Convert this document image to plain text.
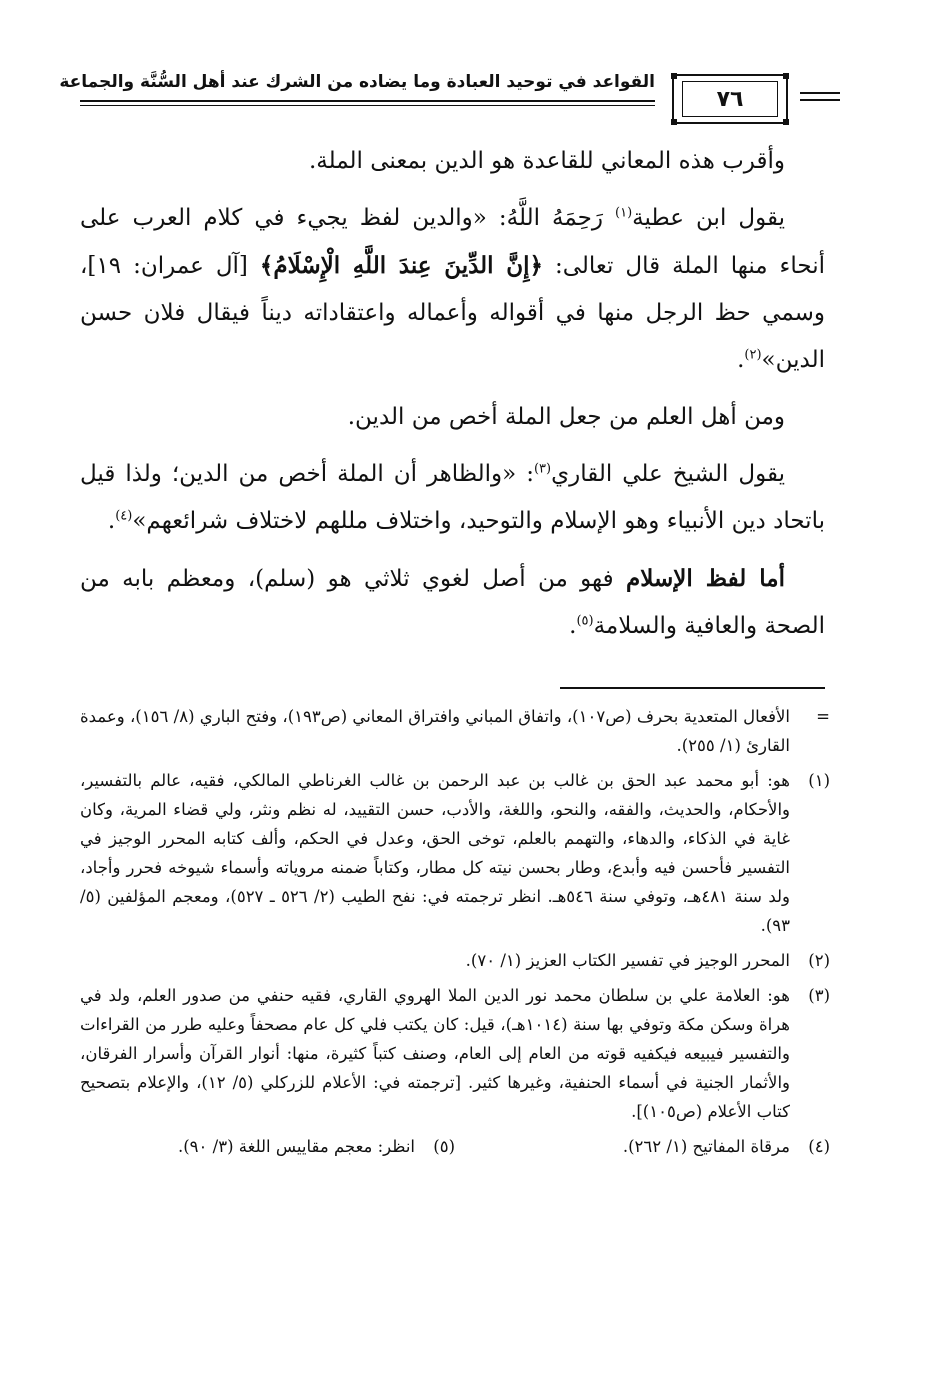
القواعد في توحيد العبادة وما يضاده من الشرك عند أهل السُّنَّة والجماعة
٧٦

وأقرب هذه المعاني للقاعدة هو الدين بمعنى الملة.

يقول ابن عطية$^{(١)}$ رَحِمَهُ اللَّهُ: «والدين لفظ يجيء في كلام العرب على أنحاء منها الملة قال تعالى: ﴿إِنَّ الدِّينَ عِندَ اللَّهِ الْإِسْلَامُ﴾ [آل عمران: ١٩]، وسمي حظ الرجل منها في أقواله وأعماله واعتقاداته ديناً فيقال فلان حسن الدين»$^{(٢)}$.

ومن أهل العلم من جعل الملة أخص من الدين.

يقول الشيخ علي القاري$^{(٣)}$: «والظاهر أن الملة أخص من الدين؛ ولذا قيل باتحاد دين الأنبياء وهو الإسلام والتوحيد، واختلاف مللهم لاختلاف شرائعهم»$^{(٤)}$.

أما لفظ الإسلام فهو من أصل لغوي ثلاثي هو (سلم)، ومعظم بابه من الصحة والعافية والسلامة$^{(٥)}$.

=
الأفعال المتعدية بحرف (ص١٠٧)، واتفاق المباني وافتراق المعاني (ص١٩٣)، وفتح الباري (٨/ ١٥٦)، وعمدة القارئ (١/ ٢٥٥).
(١)
هو: أبو محمد عبد الحق بن غالب بن عبد الرحمن بن غالب الغرناطي المالكي، فقيه، عالم بالتفسير، والأحكام، والحديث، والفقه، والنحو، واللغة، والأدب، حسن التقييد، له نظم ونثر، ولي قضاء المرية، وكان غاية في الذكاء، والدهاء، والتهمم بالعلم، توخى الحق، وعدل في الحكم، وألف كتابه المحرر الوجيز في التفسير فأحسن فيه وأبدع، وطار بحسن نيته كل مطار، وكتاباً ضمنه مروياته وأسماء شيوخه فحرر وأجاد، ولد سنة ٤٨١هـ، وتوفي سنة ٥٤٦هـ. انظر ترجمته في: نفح الطيب (٢/ ٥٢٦ ـ ٥٢٧)، ومعجم المؤلفين (٥/ ٩٣).
(٢)
المحرر الوجيز في تفسير الكتاب العزيز (١/ ٧٠).
(٣)
هو: العلامة علي بن سلطان محمد نور الدين الملا الهروي القاري، فقيه حنفي من صدور العلم، ولد في هراة وسكن مكة وتوفي بها سنة (١٠١٤هـ)، قيل: كان يكتب فلي كل عام مصحفاً وعليه طرر من القراءات والتفسير فيبيعه فيكفيه قوته من العام إلى العام، وصنف كتباً كثيرة، منها: أنوار القرآن وأسرار الفرقان، والأثمار الجنية في أسماء الحنفية، وغيرها كثير. [ترجمته في: الأعلام للزركلي (٥/ ١٢)، والإعلام بتصحيح كتاب الأعلام (ص١٠٥)].
(٤)
مرقاة المفاتيح (١/ ٢٦٢).
(٥)
انظر: معجم مقاييس اللغة (٣/ ٩٠).
